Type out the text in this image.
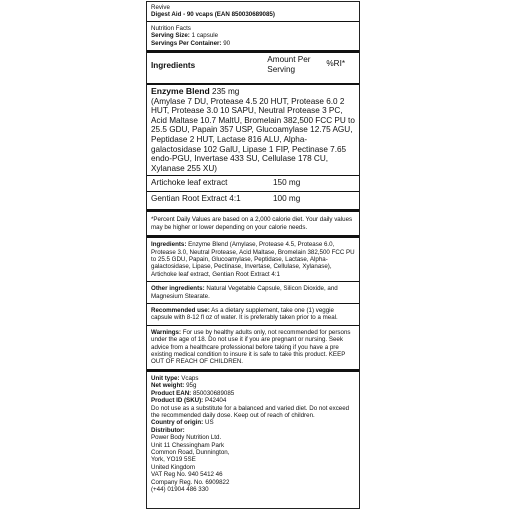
Revive

Digest Aid - 90 vcaps (EAN 850030689085)

Nutrition Facts

Serving Size: 1 capsule

Servings Per Container: 90

Ingredients
Amount Per Serving
%RI*

Enzyme Blend 235 mg

(Amylase 7 DU, Protease 4.5 20 HUT, Protease 6.0 2 HUT, Protease 3.0 10 SAPU, Neutral Protease 3 PC, Acid Maltase 10.7 MaltU, Bromelain 382,500 FCC PU to 25.5 GDU, Papain 357 USP, Glucoamylase 12.75 AGU, Peptidase 2 HUT, Lactase 816 ALU, Alpha-galactosidase 102 GalU, Lipase 1 FIP, Pectinase 7.65 endo-PGU, Invertase 433 SU, Cellulase 178 CU, Xylanase 255 XU)

Artichoke leaf extract	150 mg
Gentian Root Extract 4:1	100 mg
*Percent Daily Values are based on a 2,000 calorie diet. Your daily values may be higher or lower depending on your calorie needs.

Ingredients: Enzyme Blend (Amylase, Protease 4.5, Protease 6.0, Protease 3.0, Neutral Protease, Acid Maltase, Bromelain 382,500 FCC PU to 25.5 GDU, Papain, Glucoamylase, Peptidase, Lactase, Alpha-galactosidase, Lipase, Pectinase, Invertase, Cellulase, Xylanase), Artichoke leaf extract, Gentian Root Extract 4:1

Other ingredients: Natural Vegetable Capsule, Silicon Dioxide, and Magnesium Stearate.

Recommended use: As a dietary supplement, take one (1) veggie capsule with 8-12 fl oz of water. It is preferably taken prior to a meal.

Warnings: For use by healthy adults only, not recommended for persons under the age of 18. Do not use it if you are pregnant or nursing. Seek advice from a healthcare professional before taking if you have a pre existing medical condition to insure it is safe to take this product. KEEP OUT OF REACH OF CHILDREN.

Unit type: Vcaps

Net weight: 95g

Product EAN: 850030689085

Product ID (SKU): P42404

Do not use as a substitute for a balanced and varied diet. Do not exceed the recommended daily dose. Keep out of reach of children.

Country of origin: US

Distributor:

Power Body Nutrition Ltd.

Unit 11 Chessingham Park

Common Road, Dunnington,

York, YO19 5SE

United Kingdom

VAT Reg No. 940 5412 46

Company Reg. No. 6909822

(+44) 01904 486 330
